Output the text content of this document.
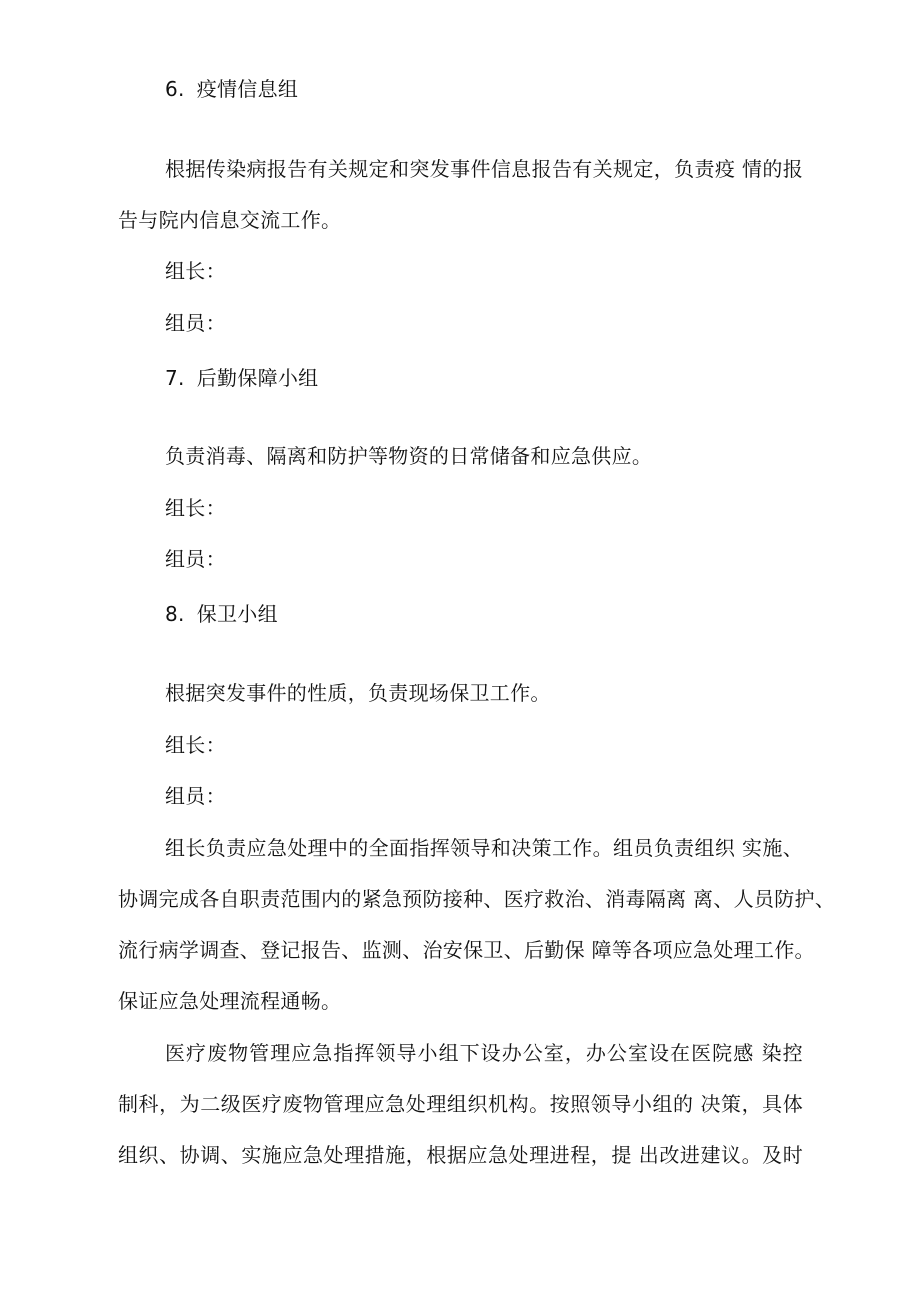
6. 疫情信息组
根据传染病报告有关规定和突发事件信息报告有关规定，负责疫 情的报
告与院内信息交流工作。
组长：
组员：
7. 后勤保障小组
负责消毒、隔离和防护等物资的日常储备和应急供应。
组长：
组员：
8. 保卫小组
根据突发事件的性质，负责现场保卫工作。
组长：
组员：
组长负责应急处理中的全面指挥领导和决策工作。组员负责组织 实施、
协调完成各自职责范围内的紧急预防接种、医疗救治、消毒隔离 离、人员防护、
流行病学调查、登记报告、监测、治安保卫、后勤保 障等各项应急处理工作。
保证应急处理流程通畅。
医疗废物管理应急指挥领导小组下设办公室，办公室设在医院感 染控
制科，为二级医疗废物管理应急处理组织机构。按照领导小组的 决策，具体
组织、协调、实施应急处理措施，根据应急处理进程，提 出改进建议。及时
